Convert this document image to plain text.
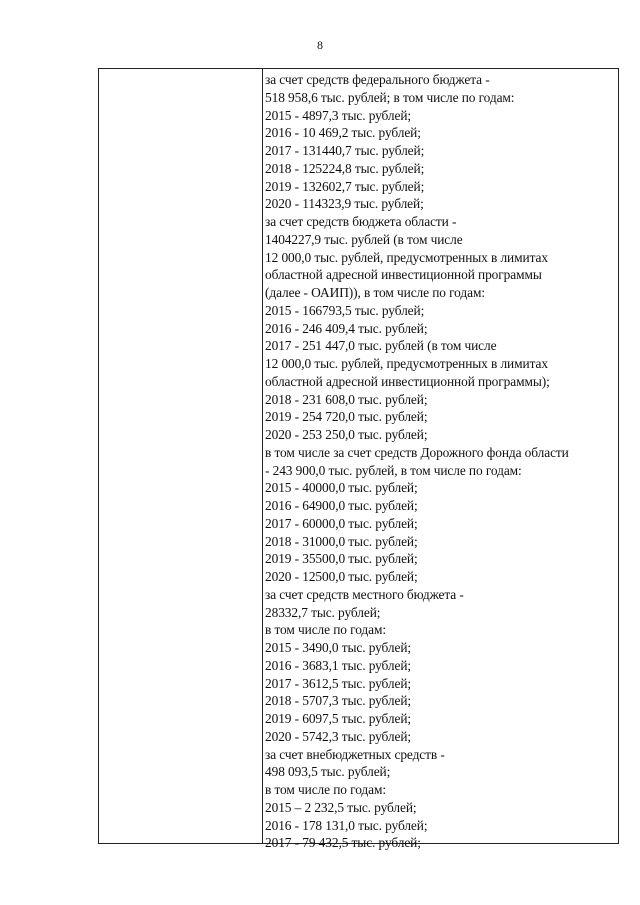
8
за счет средств федерального бюджета -
518 958,6 тыс. рублей; в том числе по годам:
2015 - 4897,3 тыс. рублей;
2016 - 10 469,2 тыс. рублей;
2017 - 131440,7 тыс. рублей;
2018 - 125224,8 тыс. рублей;
2019 - 132602,7 тыс. рублей;
2020 - 114323,9 тыс. рублей;
за счет средств бюджета области -
1404227,9 тыс. рублей (в том числе
12 000,0 тыс. рублей, предусмотренных в лимитах
областной адресной инвестиционной программы
(далее - ОАИП)), в том числе по годам:
2015 - 166793,5 тыс. рублей;
2016 - 246 409,4 тыс. рублей;
2017 - 251 447,0 тыс. рублей (в том числе
12 000,0 тыс. рублей, предусмотренных в лимитах
областной адресной инвестиционной программы);
2018 - 231 608,0 тыс. рублей;
2019 - 254 720,0 тыс. рублей;
2020 - 253 250,0 тыс. рублей;
в том числе за счет средств Дорожного фонда области
- 243 900,0 тыс. рублей, в том числе по годам:
2015 - 40000,0 тыс. рублей;
2016 - 64900,0 тыс. рублей;
2017 - 60000,0 тыс. рублей;
2018 - 31000,0 тыс. рублей;
2019 - 35500,0 тыс. рублей;
2020 - 12500,0 тыс. рублей;
за счет средств местного бюджета -
28332,7 тыс. рублей;
в том числе по годам:
2015 - 3490,0 тыс. рублей;
2016 - 3683,1 тыс. рублей;
2017 - 3612,5 тыс. рублей;
2018 - 5707,3 тыс. рублей;
2019 - 6097,5 тыс. рублей;
2020 - 5742,3 тыс. рублей;
за счет внебюджетных средств -
498 093,5 тыс. рублей;
в том числе по годам:
2015 – 2 232,5 тыс. рублей;
2016 - 178 131,0 тыс. рублей;
2017 - 79 432,5 тыс. рублей;
